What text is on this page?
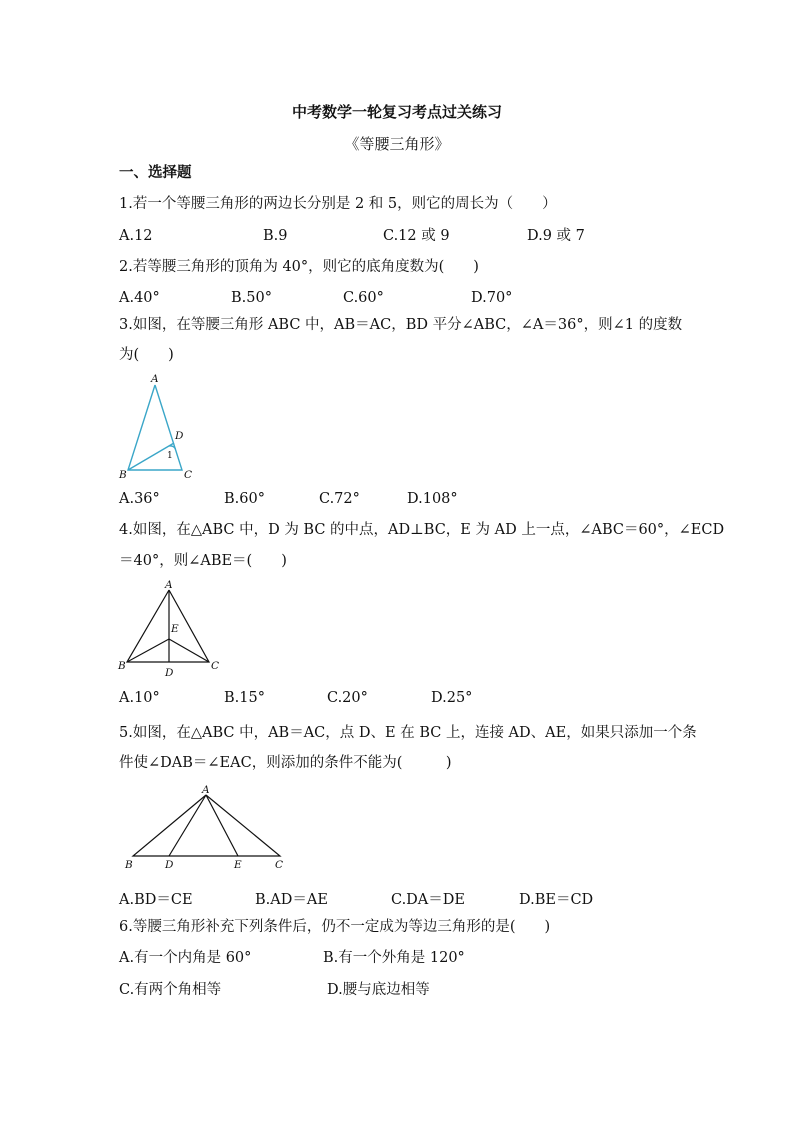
中考数学一轮复习考点过关练习
《等腰三角形》
一、选择题
1.若一个等腰三角形的两边长分别是 2 和 5，则它的周长为（　　）
A.12	B.9	C.12 或 9	D.9 或 7
2.若等腰三角形的顶角为 40°，则它的底角度数为(　　)
A.40°	B.50°	C.60°	D.70°
3.如图，在等腰三角形 ABC 中，AB＝AC，BD 平分∠ABC，∠A＝36°，则∠1 的度数
为(　　)
A
D
1
B	C
A.36°	B.60°	C.72°	D.108°
4.如图，在△ABC 中，D 为 BC 的中点，AD⊥BC，E 为 AD 上一点，∠ABC＝60°，∠ECD
＝40°，则∠ABE＝(　　)
A
E
B
D
C
A.10°	B.15°	C.20°	D.25°
5.如图，在△ABC 中，AB＝AC，点 D、E 在 BC 上，连接 AD、AE，如果只添加一个条
件使∠DAB＝∠EAC，则添加的条件不能为(　　　)
A
B	D	E	C
A.BD＝CE	B.AD＝AE	C.DA＝DE	D.BE＝CD
6.等腰三角形补充下列条件后，仍不一定成为等边三角形的是(　　)
A.有一个内角是 60°	B.有一个外角是 120°
C.有两个角相等	D.腰与底边相等
